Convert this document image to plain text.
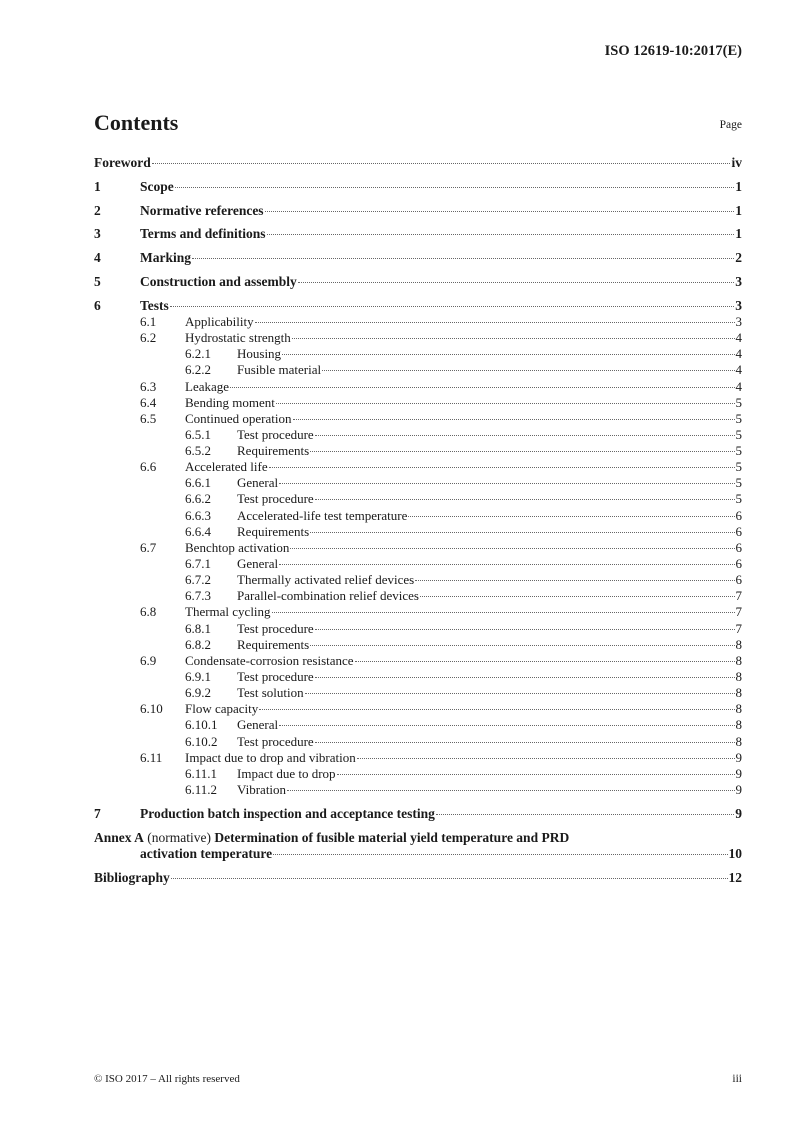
ISO 12619-10:2017(E)
Contents	Page
Foreword	iv
1	Scope	1
2	Normative references	1
3	Terms and definitions	1
4	Marking	2
5	Construction and assembly	3
6	Tests	3
6.1	Applicability	3
6.2	Hydrostatic strength	4
6.2.1	Housing	4
6.2.2	Fusible material	4
6.3	Leakage	4
6.4	Bending moment	5
6.5	Continued operation	5
6.5.1	Test procedure	5
6.5.2	Requirements	5
6.6	Accelerated life	5
6.6.1	General	5
6.6.2	Test procedure	5
6.6.3	Accelerated-life test temperature	6
6.6.4	Requirements	6
6.7	Benchtop activation	6
6.7.1	General	6
6.7.2	Thermally activated relief devices	6
6.7.3	Parallel-combination relief devices	7
6.8	Thermal cycling	7
6.8.1	Test procedure	7
6.8.2	Requirements	8
6.9	Condensate-corrosion resistance	8
6.9.1	Test procedure	8
6.9.2	Test solution	8
6.10	Flow capacity	8
6.10.1	General	8
6.10.2	Test procedure	8
6.11	Impact due to drop and vibration	9
6.11.1	Impact due to drop	9
6.11.2	Vibration	9
7	Production batch inspection and acceptance testing	9
Annex A
(normative)
Determination of fusible material yield temperature and PRD
activation temperature	10
Bibliography	12
© ISO 2017 – All rights reserved	iii
